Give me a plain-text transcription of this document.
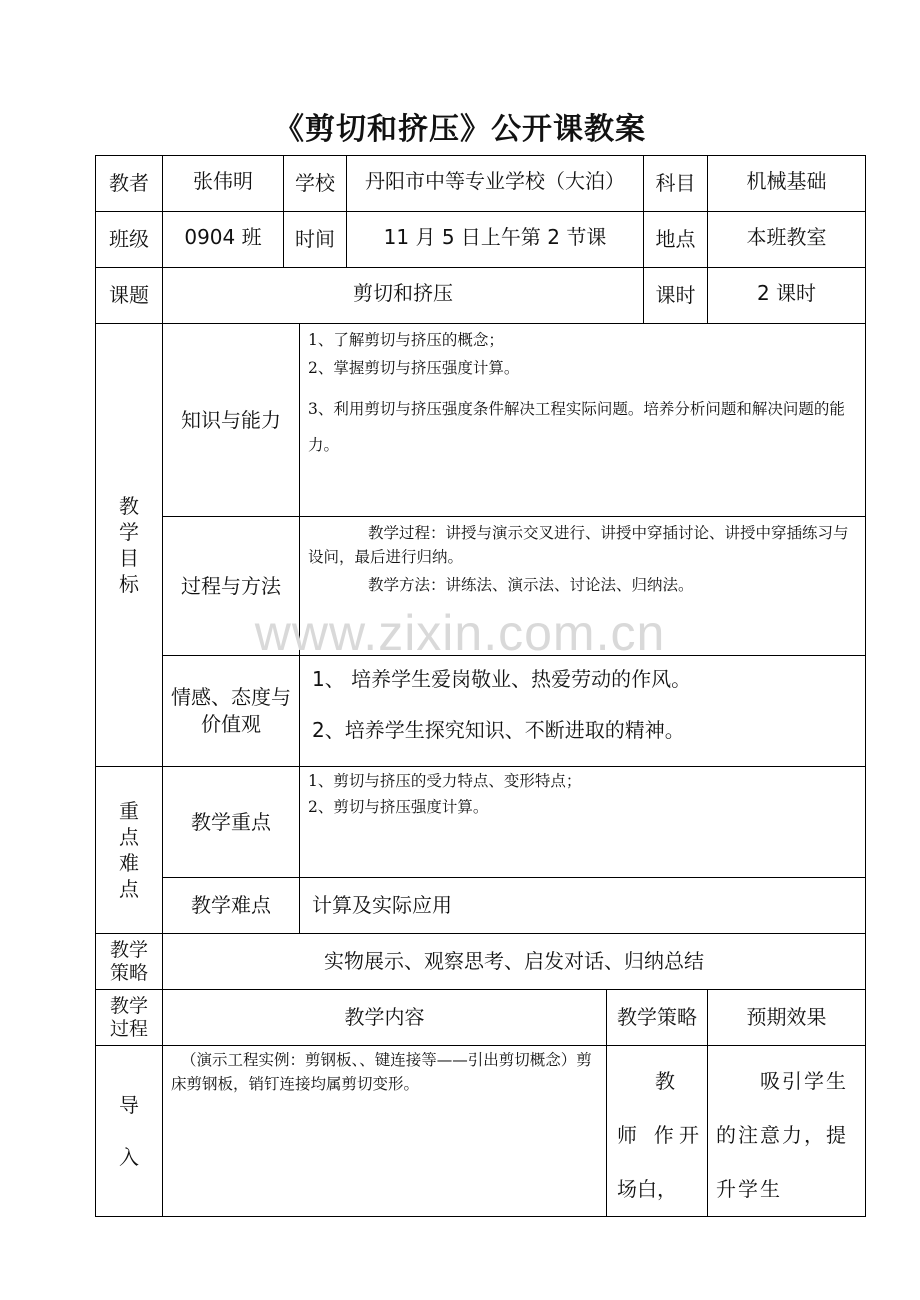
《剪切和挤压》公开课教案
www.zixin.com.cn
教者	张伟明	学校		丹阳市中等专业学校（大泊）		科目	机械基础
班级	0904 班	时间		11 月 5 日上午第 2 节课		地点	本班教室
课题	剪切和挤压					课时	2 课时
教学目标	知识与能力		1、了解剪切与挤压的概念；

2、掌握剪切与挤压强度计算。

3、利用剪切与挤压强度条件解决工程实际问题。培养分析问题和解决问题的能力。				

	过程与方法		教学过程：讲授与演示交叉进行、讲授中穿插讨论、讲授中穿插练习与设问，最后进行归纳。

教学方法：讲练法、演示法、讨论法、归纳法。				

	情感、态度与价值观		1、 培养学生爱岗敬业、热爱劳动的作风。

2、培养学生探究知识、不断进取的精神。				

重点难点	教学重点		1、剪切与挤压的受力特点、变形特点；

2、剪切与挤压强度计算。				

	教学难点		计算及实际应用				
教学策略	实物展示、观察思考、启发对话、归纳总结						
教学过程	教学内容				教学策略		预期效果
导入	（演示工程实例：剪钢板、、键连接等——引出剪切概念）剪床剪钢板，销钉连接均属剪切变形。				教 师 作开场白，		吸引学生的注意力，提升学生
